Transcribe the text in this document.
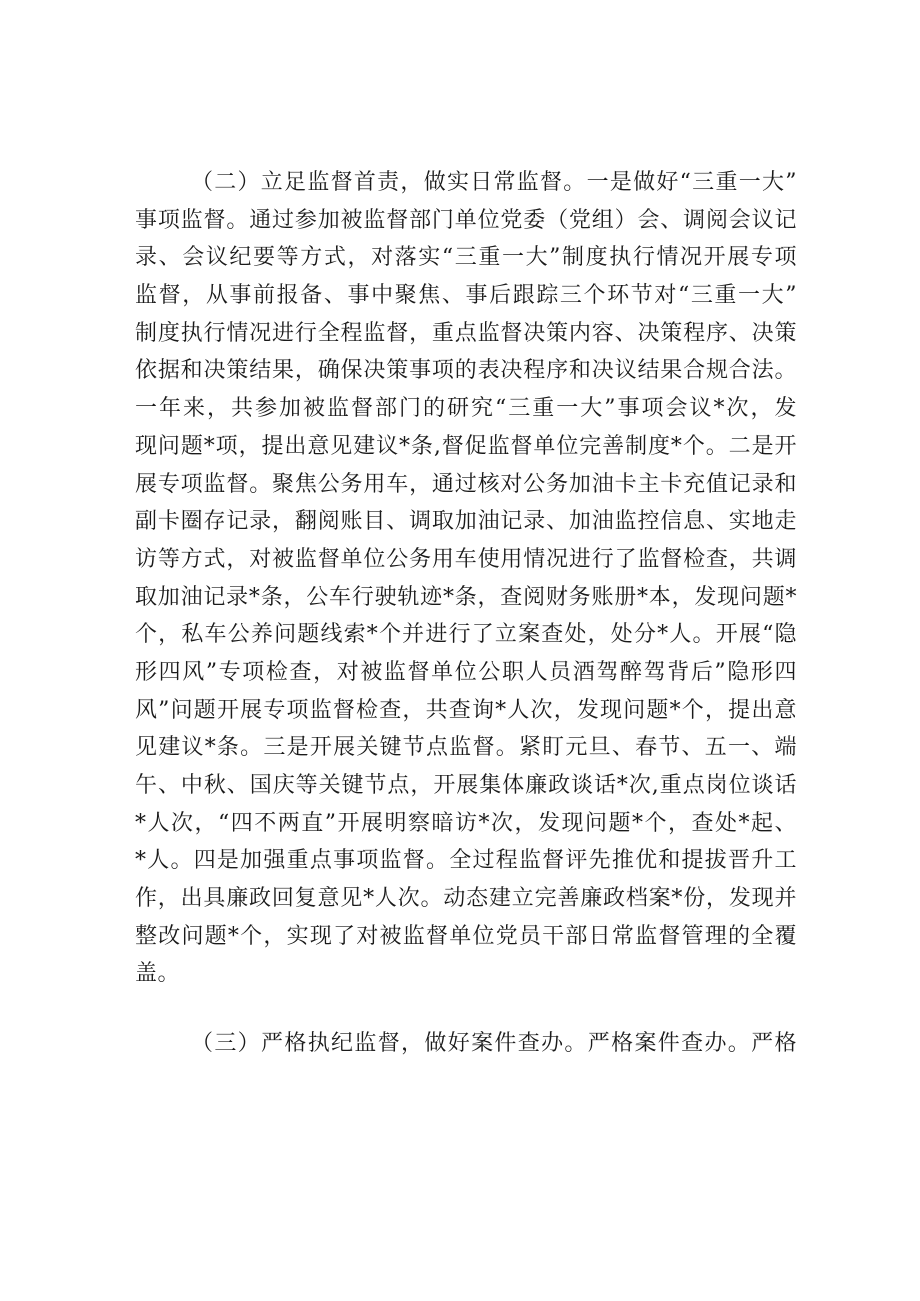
（二）立足监督首责，做实日常监督。一是做好“三重一大”
事项监督。通过参加被监督部门单位党委（党组）会、调阅会议记
录、会议纪要等方式，对落实“三重一大”制度执行情况开展专项
监督，从事前报备、事中聚焦、事后跟踪三个环节对“三重一大”
制度执行情况进行全程监督，重点监督决策内容、决策程序、决策
依据和决策结果，确保决策事项的表决程序和决议结果合规合法。
一年来，共参加被监督部门的研究“三重一大”事项会议*次，发
现问题*项，提出意见建议*条,督促监督单位完善制度*个。二是开
展专项监督。聚焦公务用车，通过核对公务加油卡主卡充值记录和
副卡圈存记录，翻阅账目、调取加油记录、加油监控信息、实地走
访等方式，对被监督单位公务用车使用情况进行了监督检查，共调
取加油记录*条，公车行驶轨迹*条，查阅财务账册*本，发现问题*
个，私车公养问题线索*个并进行了立案查处，处分*人。开展“隐
形四风”专项检查，对被监督单位公职人员酒驾醉驾背后”隐形四
风”问题开展专项监督检查，共查询*人次，发现问题*个，提出意
见建议*条。三是开展关键节点监督。紧盯元旦、春节、五一、端
午、中秋、国庆等关键节点，开展集体廉政谈话*次,重点岗位谈话
*人次，“四不两直”开展明察暗访*次，发现问题*个，查处*起、
*人。四是加强重点事项监督。全过程监督评先推优和提拔晋升工
作，出具廉政回复意见*人次。动态建立完善廉政档案*份，发现并
整改问题*个，实现了对被监督单位党员干部日常监督管理的全覆
盖。
（三）严格执纪监督，做好案件查办。严格案件查办。严格
